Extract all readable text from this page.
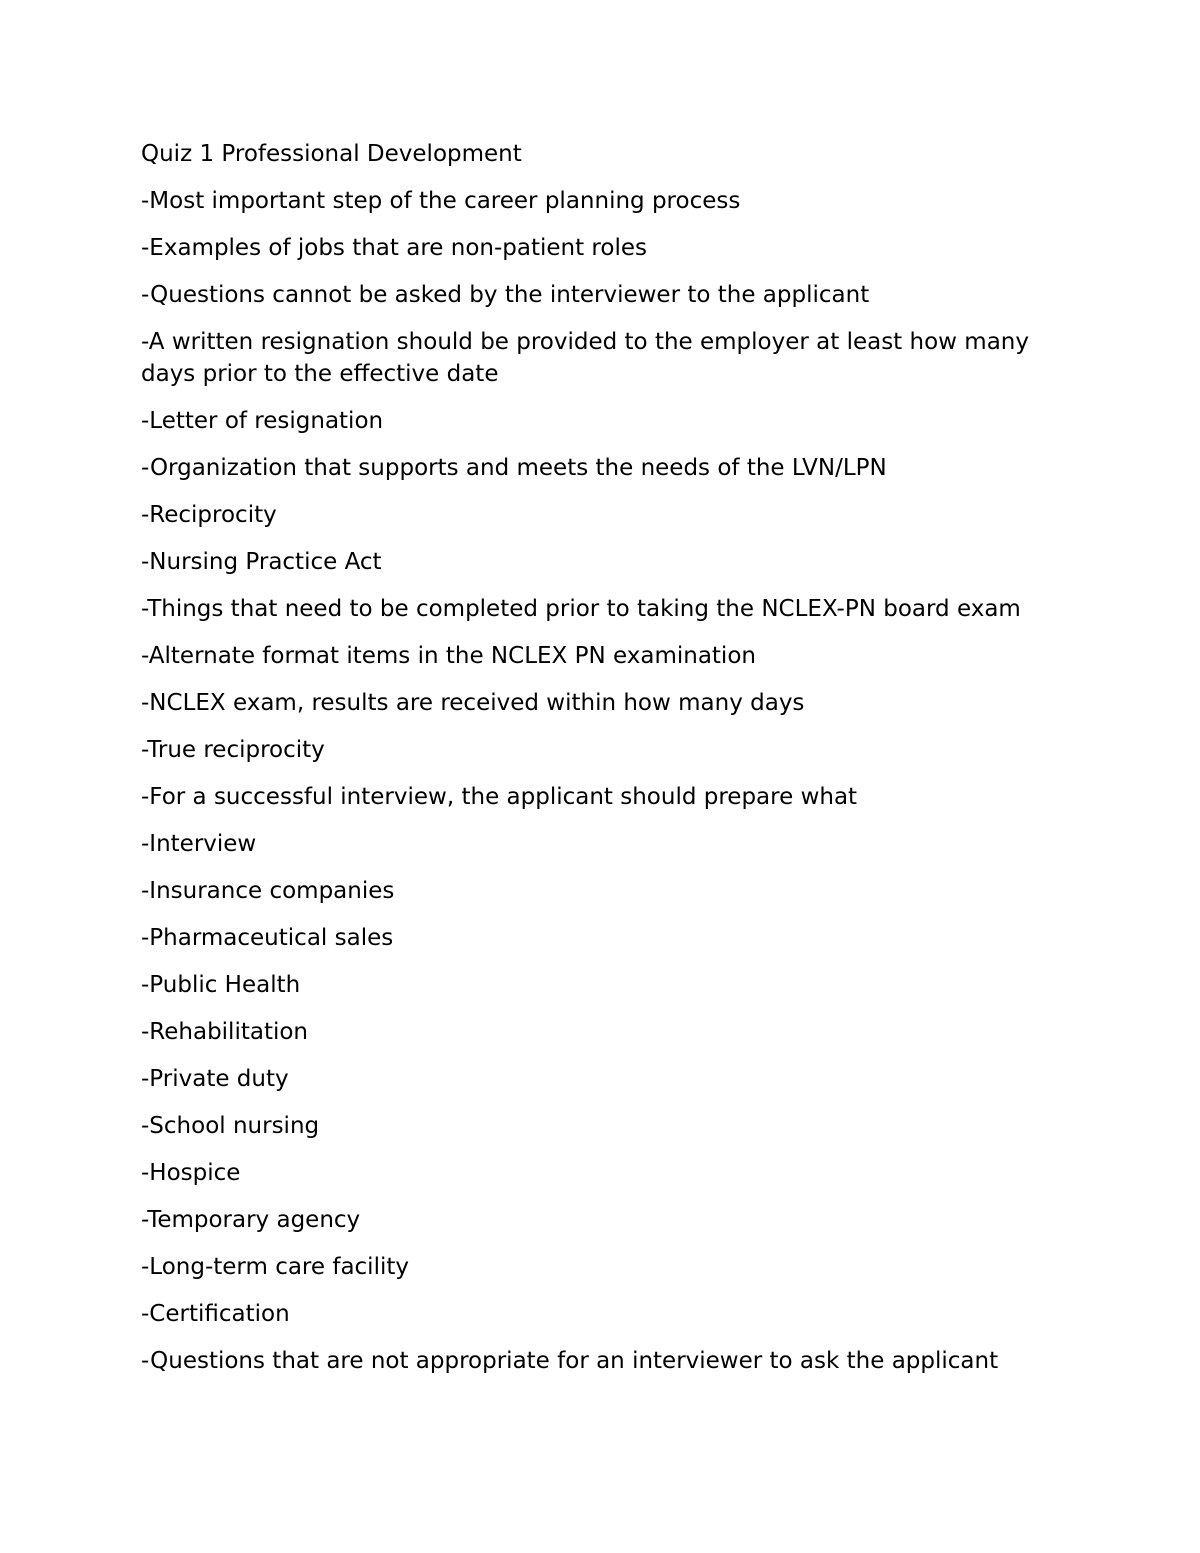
Quiz 1 Professional Development

-Most important step of the career planning process

-Examples of jobs that are non-patient roles

-Questions cannot be asked by the interviewer to the applicant

-A written resignation should be provided to the employer at least how many days prior to the effective date

-Letter of resignation

-Organization that supports and meets the needs of the LVN/LPN

-Reciprocity

-Nursing Practice Act

-Things that need to be completed prior to taking the NCLEX-PN board exam

-Alternate format items in the NCLEX PN examination

-NCLEX exam, results are received within how many days

-True reciprocity

-For a successful interview, the applicant should prepare what

-Interview

-Insurance companies

-Pharmaceutical sales

-Public Health

-Rehabilitation

-Private duty

-School nursing

-Hospice

-Temporary agency

-Long-term care facility

-Certification

-Questions that are not appropriate for an interviewer to ask the applicant
